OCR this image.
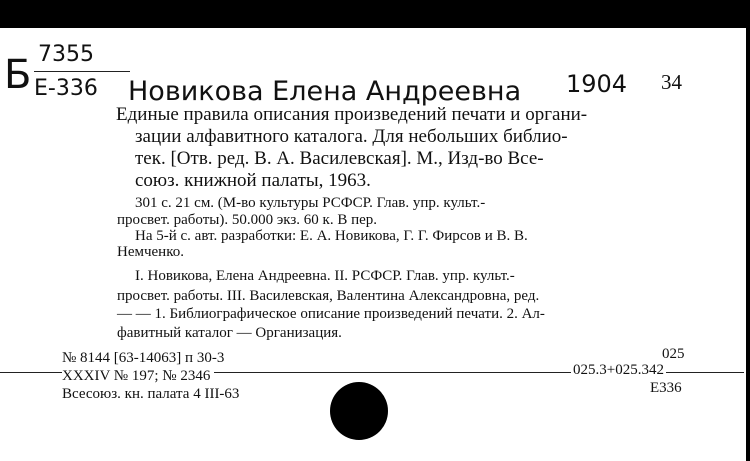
Б 7355
Е-336 Новикова Елена Андреевна 1904 34
Единые правила описания произведений печати и органи-
зации алфавитного каталога. Для небольших библио-
тек. [Отв. ред. В. А. Василевская]. М., Изд-во Все-
союз. книжной палаты, 1963.
301 с. 21 см. (М-во культуры РСФСР. Глав. упр. культ.-
просвет. работы). 50.000 экз. 60 к. В пер.
На 5-й с. авт. разработки: Е. А. Новикова, Г. Г. Фирсов и В. В.
Немченко.
I. Новикова, Елена Андреевна. II. РСФСР. Глав. упр. культ.-
просвет. работы. III. Василевская, Валентина Александровна, ред.
— — 1. Библиографическое описание произведений печати. 2. Ал-
фавитный каталог — Организация.
№ 8144 [63-14063] п 30-3
XXXIV № 197; № 2346
Всесоюз. кн. палата 4 III-63
025
025.3+025.342
Е336
